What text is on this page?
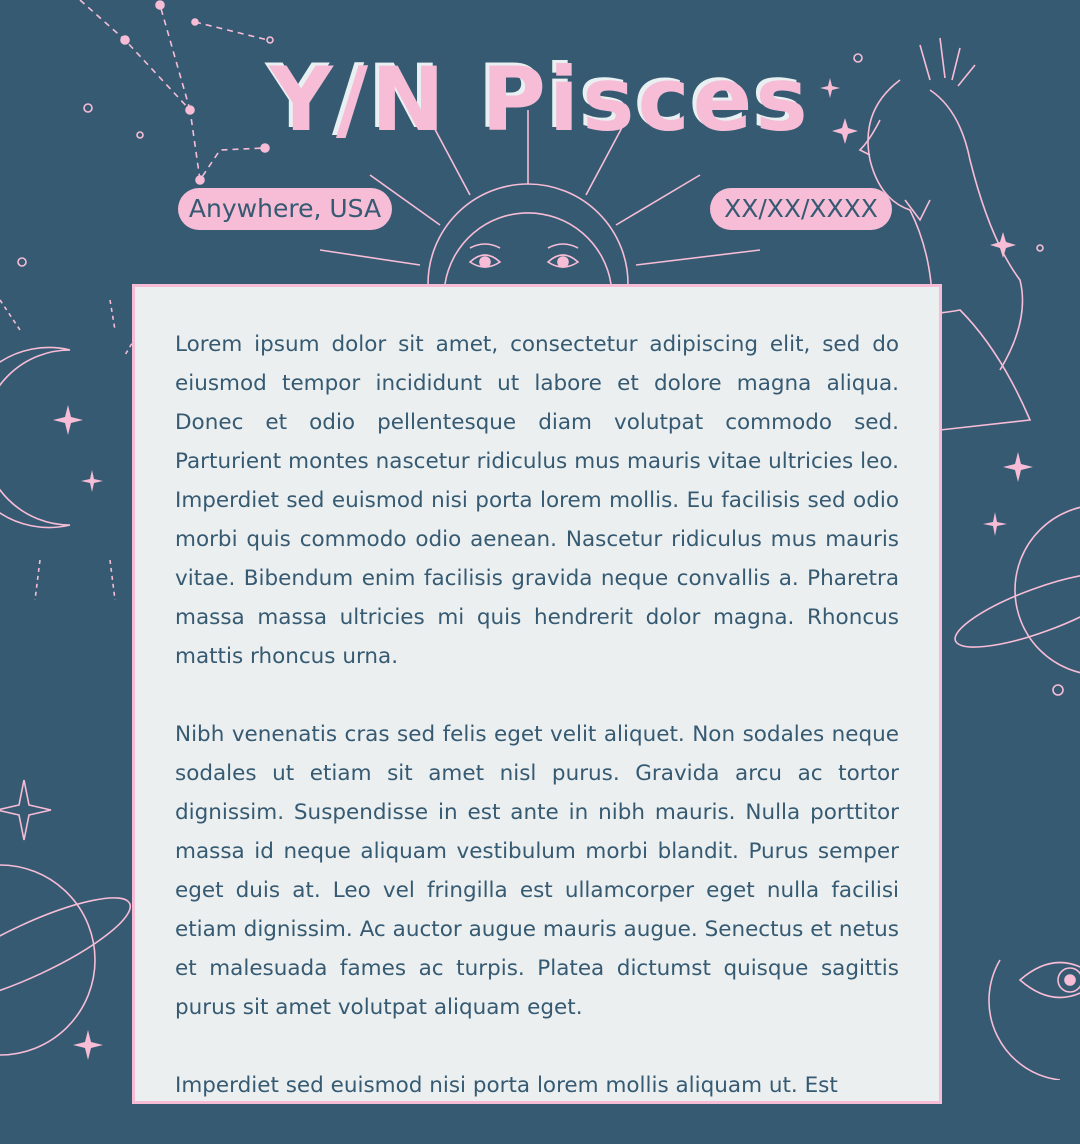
Y/N Pisces
Anywhere, USA	XX/XX/XXXX

Lorem ipsum dolor sit amet, consectetur adipiscing elit, sed do eiusmod tempor incididunt ut labore et dolore magna aliqua. Donec et odio pellentesque diam volutpat commodo sed. Parturient montes nascetur ridiculus mus mauris vitae ultricies leo. Imperdiet sed euismod nisi porta lorem mollis. Eu facilisis sed odio morbi quis commodo odio aenean. Nascetur ridiculus mus mauris vitae. Bibendum enim facilisis gravida neque convallis a. Pharetra massa massa ultricies mi quis hendrerit dolor magna. Rhoncus mattis rhoncus urna.

Nibh venenatis cras sed felis eget velit aliquet. Non sodales neque sodales ut etiam sit amet nisl purus. Gravida arcu ac tortor dignissim. Suspendisse in est ante in nibh mauris. Nulla porttitor massa id neque aliquam vestibulum morbi blandit. Purus semper eget duis at. Leo vel fringilla est ullamcorper eget nulla facilisi etiam dignissim. Ac auctor augue mauris augue. Senectus et netus et malesuada fames ac turpis. Platea dictumst quisque sagittis purus sit amet volutpat aliquam eget.

Imperdiet sed euismod nisi porta lorem mollis aliquam ut. Est
